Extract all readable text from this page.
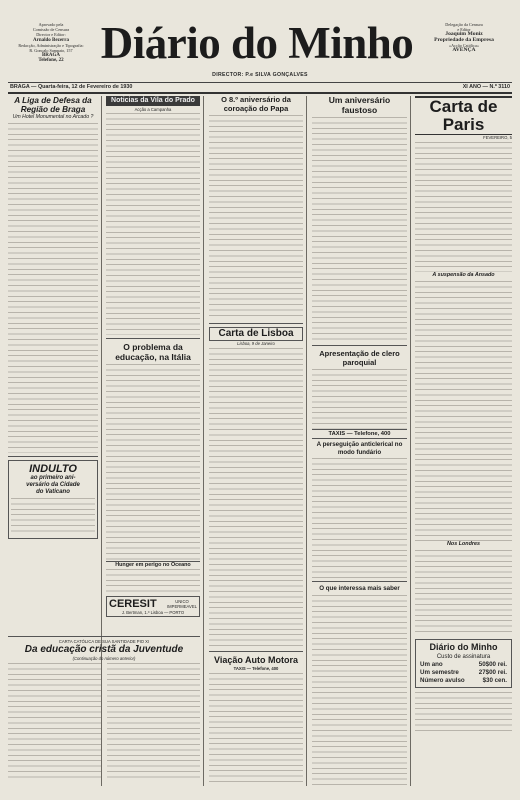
Aprovado pela
Comissão de Censura
Director e Editor:
Arnaldo Bezerra
Redacção, Administração e Tipografia:
R. Gonçalo Sampaio, 157
BRAGA
Telefone, 22 Diário do Minho
DIRECTOR: P.e SILVA GONÇALVES
Delegação da Censura
e Editor
Joaquim Moniz
Propriedade da Empresa
«Acção Católica»
AVENÇA
BRAGA — Quarta-feira, 12 de Fevereiro de 1930	XI ANO — N.º 3110
A Liga de Defesa da Região de Braga
Um Hotel Monumental no Arcado ?
INDULTO
ao primeiro ani-
versário da Cidade
do Vaticano
CARTA CATÓLICA DE SUA SANTIDADE PIO XI
Da educação cristã da Juventude
(Continuação do número anterior)
Noticias da Vila do Prado
Acção a Campanha
O problema da educação, na Itália
Hunger em perigo no Oceano
CERESIT	UNICO IMPERMEAVEL
J. Bertman, 1.º Lisboa — PORTO
O 8.º aniversário da coroação do Papa
Carta de Lisboa
Lisboa, 9 de Janeiro
Viação Auto Motora
TAXIS — Telefone, 400
Um aniversário faustoso
Apresentação de clero paroquial
TAXIS — Telefone, 400
A perseguição anticlerical no modo fundário
O que interessa mais saber
Carta de Paris
FEVEREIRO, 5
A suspensão da Ansado
Nos Londres
Diário do Minho
Custo de assinatura
Um ano	50$00 rei.
Um semestre	27$00 rei.
Número avulso	$30 cen.
